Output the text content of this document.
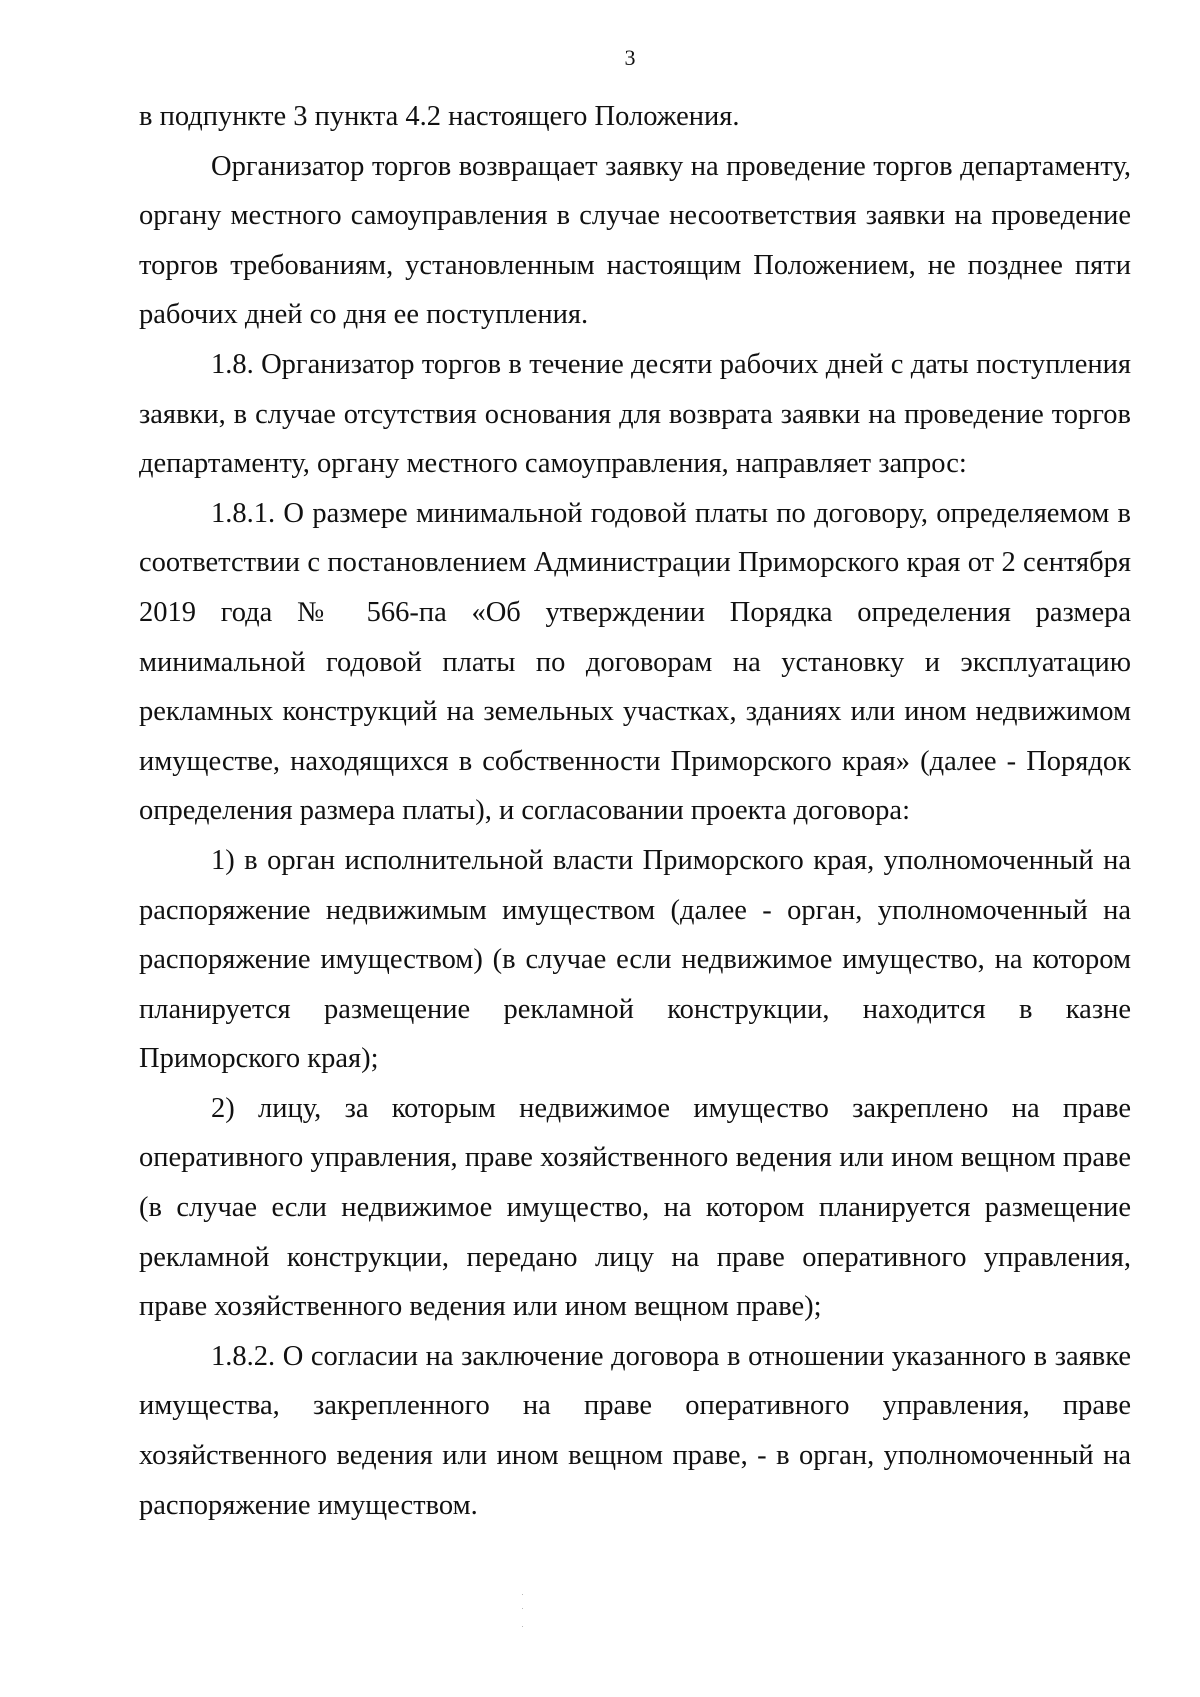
3

в подпункте 3 пункта 4.2 настоящего Положения.

Организатор торгов возвращает заявку на проведение торгов департаменту, органу местного самоуправления в случае несоответствия заявки на проведение торгов требованиям, установленным настоящим Положением, не позднее пяти рабочих дней со дня ее поступления.

1.8. Организатор торгов в течение десяти рабочих дней с даты поступления заявки, в случае отсутствия основания для возврата заявки на проведение торгов департаменту, органу местного самоуправления, направляет запрос:

1.8.1. О размере минимальной годовой платы по договору, определяемом в соответствии с постановлением Администрации Приморского края от 2 сентября 2019 года № 566-па «Об утверждении Порядка определения размера минимальной годовой платы по договорам на установку и эксплуатацию рекламных конструкций на земельных участках, зданиях или ином недвижимом имуществе, находящихся в собственности Приморского края» (далее - Порядок определения размера платы), и согласовании проекта договора:

1) в орган исполнительной власти Приморского края, уполномоченный на распоряжение недвижимым имуществом (далее - орган, уполномоченный на распоряжение имуществом) (в случае если недвижимое имущество, на котором планируется размещение рекламной конструкции, находится в казне Приморского края);

2) лицу, за которым недвижимое имущество закреплено на праве оперативного управления, праве хозяйственного ведения или ином вещном праве (в случае если недвижимое имущество, на котором планируется размещение рекламной конструкции, передано лицу на праве оперативного управления, праве хозяйственного ведения или ином вещном праве);

1.8.2. О согласии на заключение договора в отношении указанного в заявке имущества, закрепленного на праве оперативного управления, праве хозяйственного ведения или ином вещном праве, - в орган, уполномоченный на распоряжение имуществом.
